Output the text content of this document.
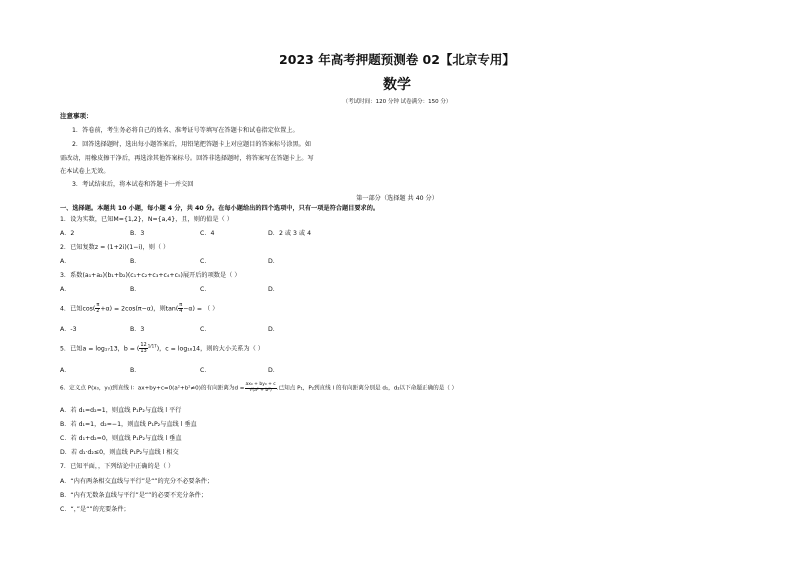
2023 年高考押题预测卷 02【北京专用】
数学
（考试时间：120 分钟 试卷满分：150 分）
注意事项：
1．答卷前，考生务必将自己的姓名、准考证号等填写在答题卡和试卷指定位置上。
2．回答选择题时，选出每小题答案后，用铅笔把答题卡上对应题目的答案标号涂黑。如
需改动，用橡皮擦干净后，再选涂其他答案标号。回答非选择题时，将答案写在答题卡上。写
在本试卷上无效。
3．考试结束后，将本试卷和答题卡一并交回
第一部分（选择题 共 40 分）
一、选择题。本题共 10 小题，每小题 4 分，共 40 分。在每小题给出的四个选项中，只有一项是符合题目要求的。
1．设为实数，已知M={1,2}，N={a,4}，且，则的值是（ ）
A．2	B．3	C．4	D．2 或 3 或 4
2．已知复数z = (1+2i)(1−i)，则（ ）
A．	B．	C．	D．
3．系数(a₁+a₂)(b₁+b₂)(c₁+c₂+c₃+c₄+c₅)展开后的项数是（ ）
A．	B．	C．	D．
4．已知$\cos( \frac{\pi}{2} +\alpha) = 2\cos(\pi-\alpha)$，则$\tan( \frac{\pi}{4} -\alpha)$ = （ ）
A．-3	B．3	C．	D．
5．已知a = log₁₇13，b = ( $\frac{12}{13} ^{1/17}$)，c = log₁₆14，则的大小关系为（ ）
A．	B．	C．	D．
6．定义点 P(x₀，y₀)到直线 l：ax+by+c=0(a²+b²≠0)的有向距离为$d = \frac{\text{ax₀ + by₀ + c}}{\text{√(a² + b²)}}$ .已知点 P₁，P₂到直线 l 的有向距离分别是 d₁，d₂以下命题正确的是（ ）
A．若 d₁=d₂=1，则直线 P₁P₂与直线 l 平行
B．若 d₁=1，d₂=−1，则直线 P₁P₂与直线 l 垂直
C．若 d₁+d₂=0，则直线 P₁P₂与直线 l 垂直
D．若 d₁·d₂≤0，则直线 P₁P₂与直线 l 相交
7．已知平面，，下列结论中正确的是（ ）
A．“内有两条相交直线与平行”是“”的充分不必要条件；
B．“内有无数条直线与平行”是“”的必要不充分条件；
C．“，”是“”的充要条件；
